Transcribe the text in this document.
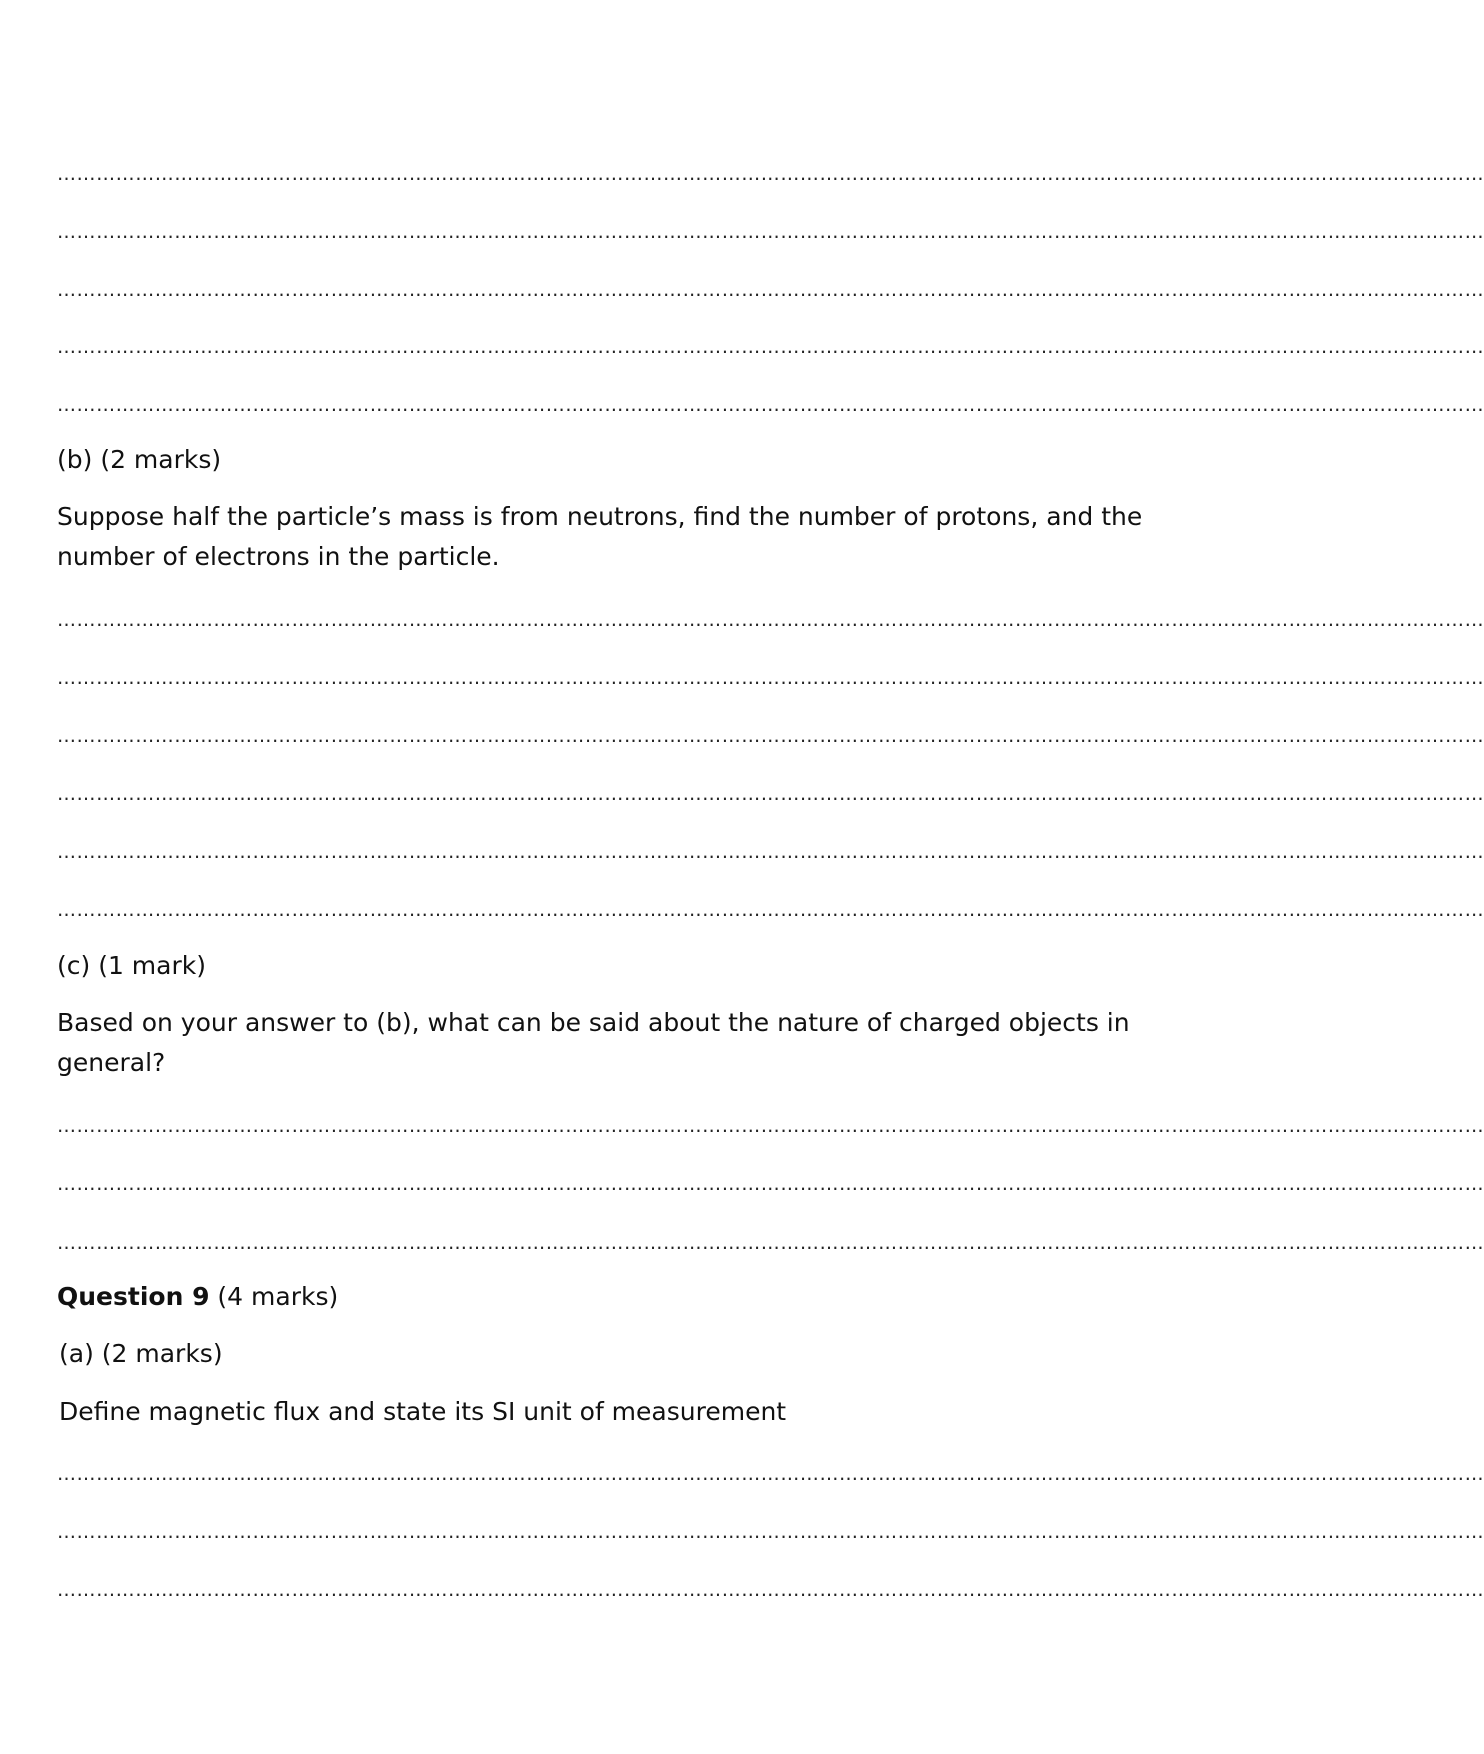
…………………………………………………………………………………………………………………………………………………………………………………………………
…………………………………………………………………………………………………………………………………………………………………………………………………
…………………………………………………………………………………………………………………………………………………………………………………………………
…………………………………………………………………………………………………………………………………………………………………………………………………
…………………………………………………………………………………………………………………………………………………………………………………………………
(b) (2 marks)
Suppose half the particle’s mass is from neutrons, find the number of protons, and the number of electrons in the particle.
…………………………………………………………………………………………………………………………………………………………………………………………………
…………………………………………………………………………………………………………………………………………………………………………………………………
…………………………………………………………………………………………………………………………………………………………………………………………………
…………………………………………………………………………………………………………………………………………………………………………………………………
…………………………………………………………………………………………………………………………………………………………………………………………………
…………………………………………………………………………………………………………………………………………………………………………………………………
(c) (1 mark)
Based on your answer to (b), what can be said about the nature of charged objects in general?
…………………………………………………………………………………………………………………………………………………………………………………………………
…………………………………………………………………………………………………………………………………………………………………………………………………
…………………………………………………………………………………………………………………………………………………………………………………………………
Question 9 (4 marks)
(a) (2 marks)
Define magnetic flux and state its SI unit of measurement
…………………………………………………………………………………………………………………………………………………………………………………………………
…………………………………………………………………………………………………………………………………………………………………………………………………
…………………………………………………………………………………………………………………………………………………………………………………………………
